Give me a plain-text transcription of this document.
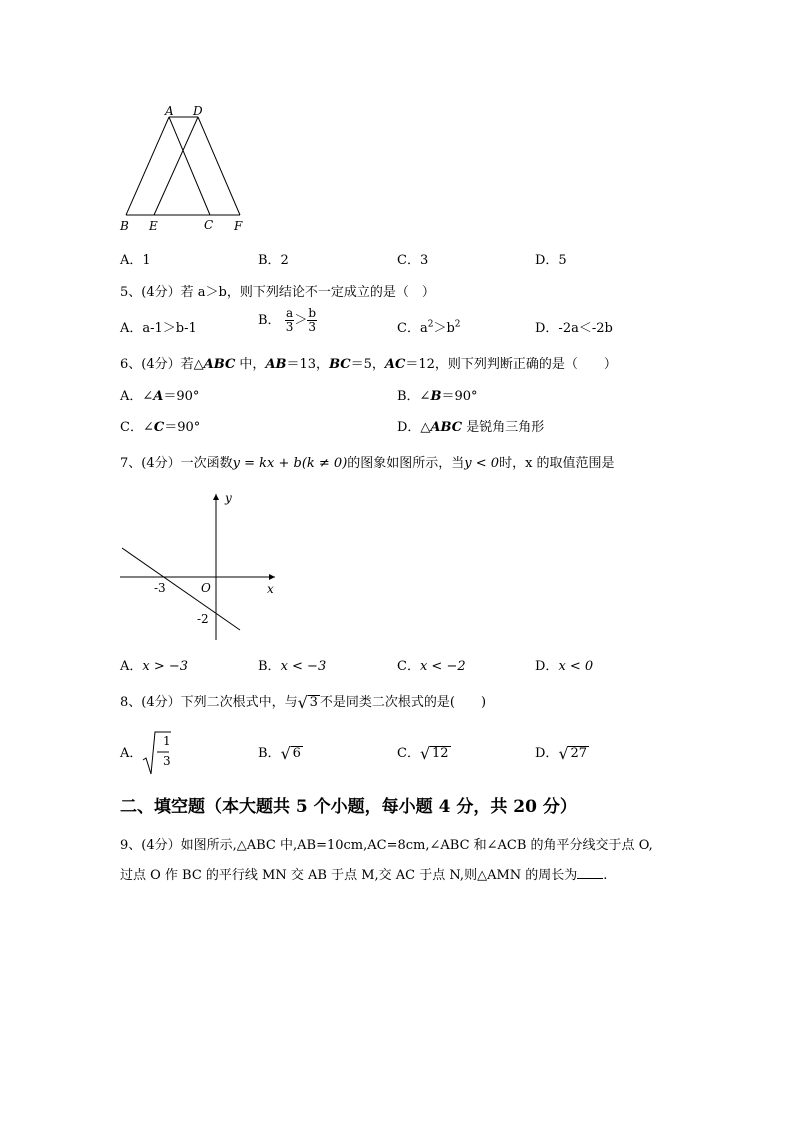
A D
B E	C F
A．1	B．2	C．3	D．5
5、(4分）若 a＞b，则下列结论不一定成立的是（　）
A．a-1＞b-1
B． $\frac{a}{3} > \frac{b}{3}$	C．$a^2>b^2$	D．-2a＜-2b
6、(4分）若△ABC 中，AB＝13，BC＝5，AC＝12，则下列判断正确的是（　　）
A．∠A＝90°	B．∠B＝90°
C．∠C＝90°	D．△ABC 是锐角三角形
7、(4分）一次函数y = kx + b(k ≠ 0)的图象如图所示，当y < 0时，x 的取值范围是
y
x
O
-3
-2
A．x > −3	B．x < −3	C．x < −2	D．x < 0
8、(4分）下列二次根式中，与 √ 3 不是同类二次根式的是(　　)
A．
1
3	B． √ 6	C． √ 12	D． √ 27
二、填空题（本大题共 5 个小题，每小题 4 分，共 20 分）
9、(4分）如图所示,△ABC 中,AB=10cm,AC=8cm,∠ABC 和∠ACB 的角平分线交于点 O,
过点 O 作 BC 的平行线 MN 交 AB 于点 M,交 AC 于点 N,则△AMN 的周长为 .
